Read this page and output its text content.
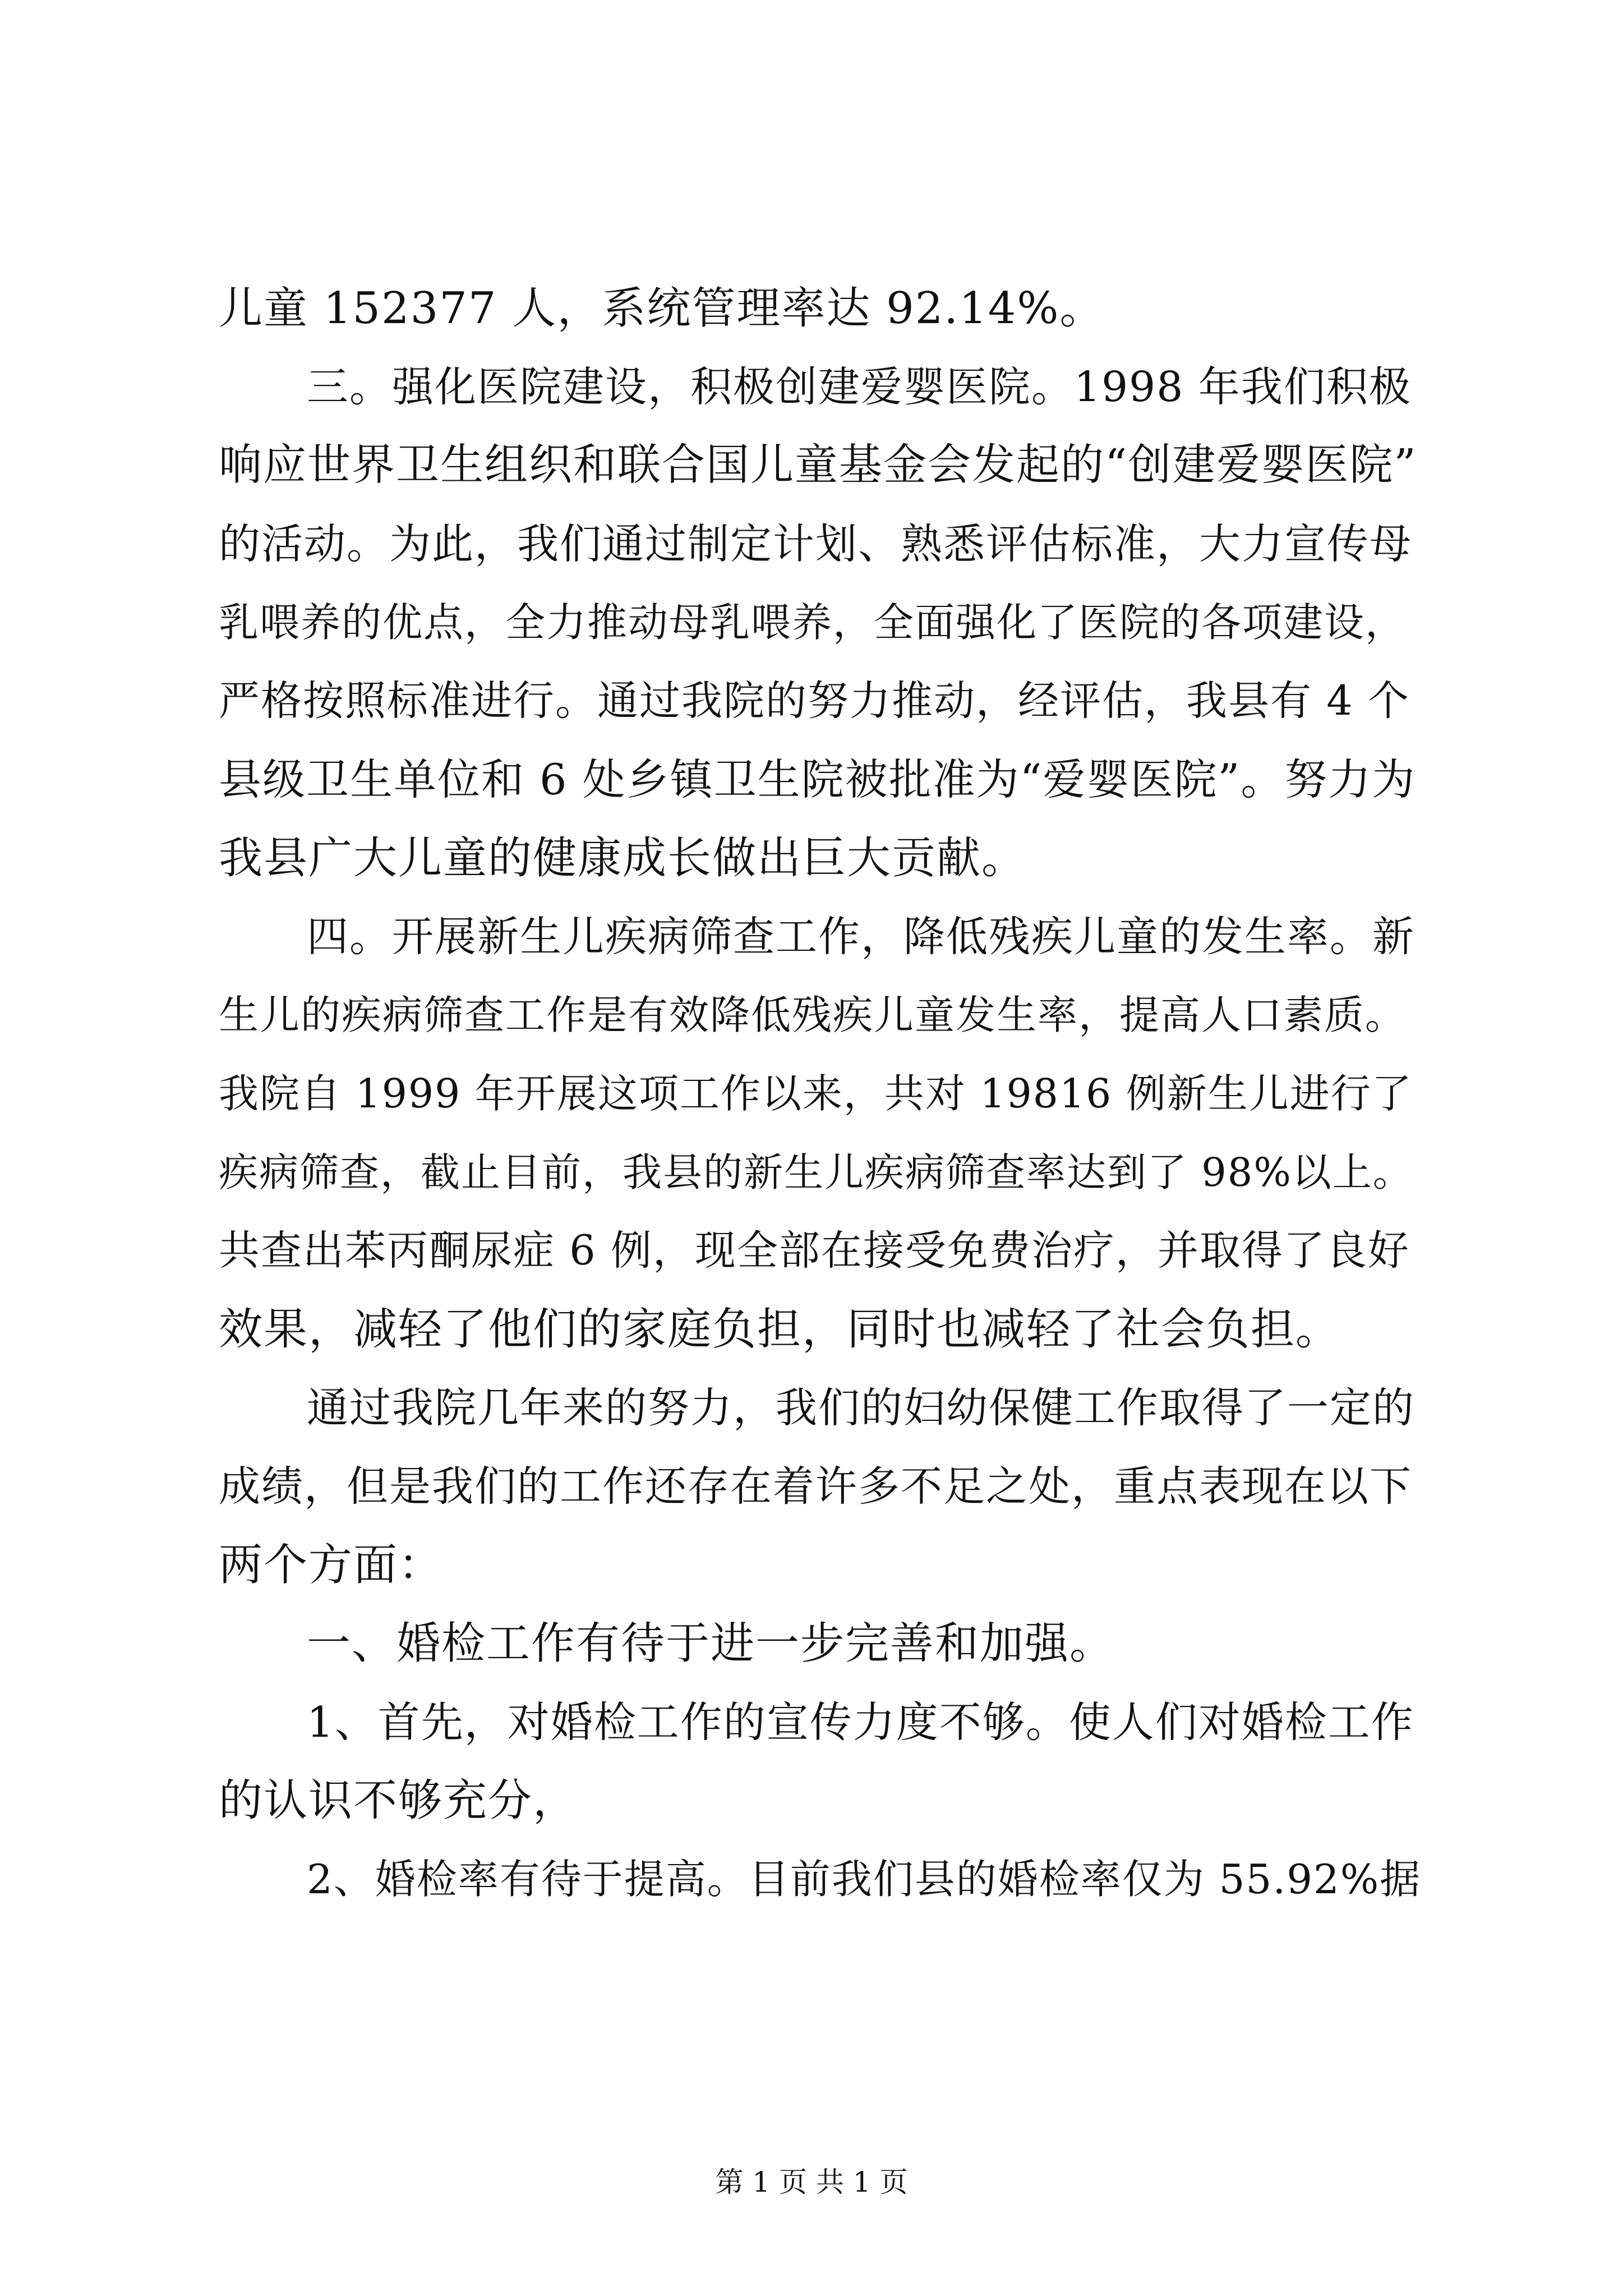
儿童 152377 人，系统管理率达 92.14%。
三。强化医院建设，积极创建爱婴医院。1998 年我们积极
响应世界卫生组织和联合国儿童基金会发起的“创建爱婴医院”
的活动。为此，我们通过制定计划、熟悉评估标准，大力宣传母
乳喂养的优点，全力推动母乳喂养，全面强化了医院的各项建设，
严格按照标准进行。通过我院的努力推动，经评估，我县有 4 个
县级卫生单位和 6 处乡镇卫生院被批准为“爱婴医院”。努力为
我县广大儿童的健康成长做出巨大贡献。
四。开展新生儿疾病筛查工作，降低残疾儿童的发生率。新
生儿的疾病筛查工作是有效降低残疾儿童发生率，提高人口素质。
我院自 1999 年开展这项工作以来，共对 19816 例新生儿进行了
疾病筛查，截止目前，我县的新生儿疾病筛查率达到了 98%以上。
共查出苯丙酮尿症 6 例，现全部在接受免费治疗，并取得了良好
效果，减轻了他们的家庭负担，同时也减轻了社会负担。
通过我院几年来的努力，我们的妇幼保健工作取得了一定的
成绩，但是我们的工作还存在着许多不足之处，重点表现在以下
两个方面：
一、婚检工作有待于进一步完善和加强。
1、首先，对婚检工作的宣传力度不够。使人们对婚检工作
的认识不够充分，
2、婚检率有待于提高。目前我们县的婚检率仅为 55.92%据
第 1 页 共 1 页
